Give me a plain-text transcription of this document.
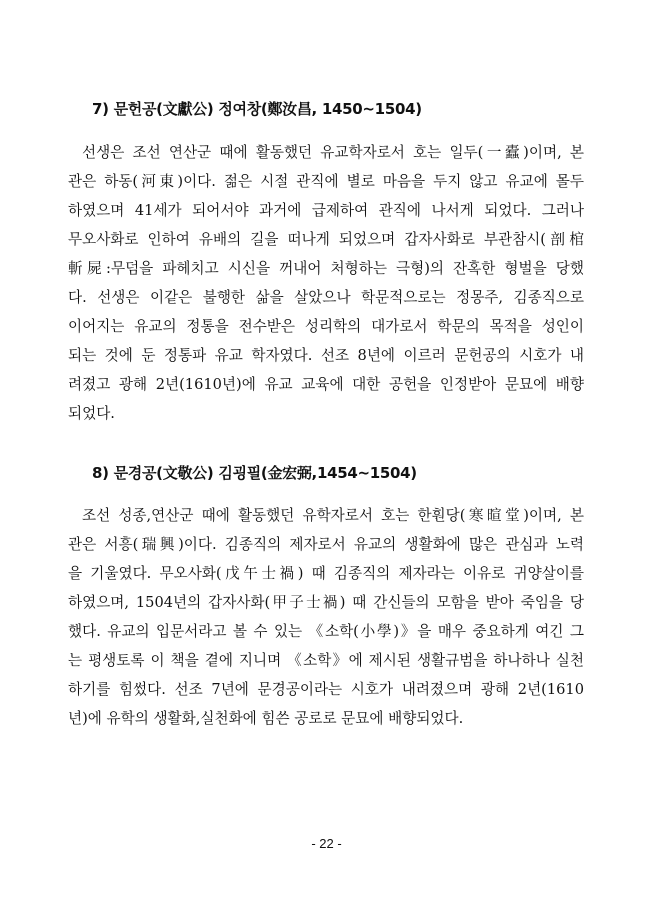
7) 문헌공(文獻公) 정여창(鄭汝昌, 1450~1504)
선생은 조선 연산군 때에 활동했던 유교학자로서 호는 일두(一蠹)이며, 본
관은 하동(河東)이다. 젊은 시절 관직에 별로 마음을 두지 않고 유교에 몰두
하였으며 41세가 되어서야 과거에 급제하여 관직에 나서게 되었다. 그러나
무오사화로 인하여 유배의 길을 떠나게 되었으며 갑자사화로 부관참시(剖棺
斬屍:무덤을 파헤치고 시신을 꺼내어 처형하는 극형)의 잔혹한 형벌을 당했
다. 선생은 이같은 불행한 삶을 살았으나 학문적으로는 정몽주, 김종직으로
이어지는 유교의 정통을 전수받은 성리학의 대가로서 학문의 목적을 성인이
되는 것에 둔 정통파 유교 학자였다. 선조 8년에 이르러 문헌공의 시호가 내
려졌고 광해 2년(1610년)에 유교 교육에 대한 공헌을 인정받아 문묘에 배향
되었다.
8) 문경공(文敬公) 김굉필(金宏弼,1454~1504)
조선 성종,연산군 때에 활동했던 유학자로서 호는 한훤당(寒暄堂)이며, 본
관은 서흥(瑞興)이다. 김종직의 제자로서 유교의 생활화에 많은 관심과 노력
을 기울였다. 무오사화(戊午士禍) 때 김종직의 제자라는 이유로 귀양살이를
하였으며, 1504년의 갑자사화(甲子士禍) 때 간신들의 모함을 받아 죽임을 당
했다. 유교의 입문서라고 볼 수 있는 《소학(小學)》을 매우 중요하게 여긴 그
는 평생토록 이 책을 곁에 지니며 《소학》에 제시된 생활규범을 하나하나 실천
하기를 힘썼다. 선조 7년에 문경공이라는 시호가 내려졌으며 광해 2년(1610
년)에 유학의 생활화,실천화에 힘쓴 공로로 문묘에 배향되었다.
- 22 -
